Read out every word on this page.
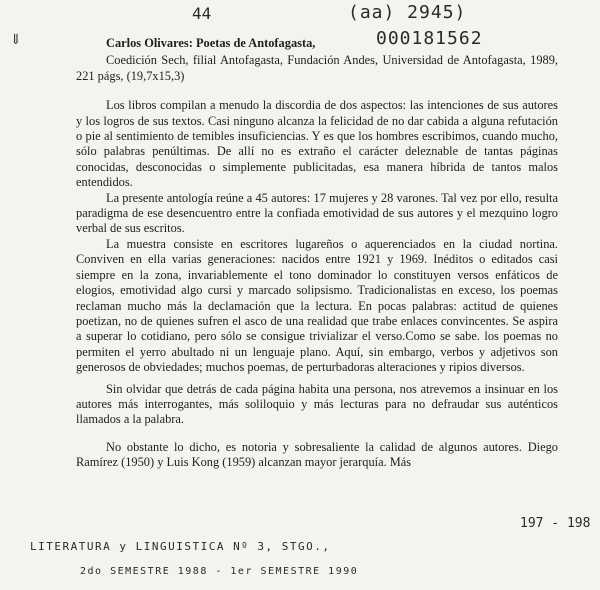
44	(aa) 2945)
000181562
⇓	Carlos Olivares: Poetas de Antofagasta,
Coedición Sech, filial Antofagasta, Fundación Andes, Universidad de Antofagasta, 1989, 221 págs, (19,7x15,3)

Los libros compilan a menudo la discordia de dos aspectos: las intenciones de sus autores y los logros de sus textos. Casi ninguno alcanza la felicidad de no dar cabida a alguna refutación o pie al sentimiento de temibles insuficiencias. Y es que los hombres escribimos, cuando mucho, sólo palabras penúltimas. De allí no es extraño el carácter deleznable de tantas páginas conocidas, desconocidas o simplemente publicitadas, esa manera híbrida de tantos malos entendidos.

La presente antología reúne a 45 autores: 17 mujeres y 28 varones. Tal vez por ello, resulta paradigma de ese desencuentro entre la confiada emotividad de sus autores y el mezquino logro verbal de sus escritos.

La muestra consiste en escritores lugareños o aquerenciados en la ciudad nortina. Conviven en ella varias generaciones: nacidos entre 1921 y 1969. Inéditos o editados casi siempre en la zona, invariablemente el tono dominador lo constituyen versos enfáticos de elogios, emotividad algo cursi y marcado solipsismo. Tradicionalistas en exceso, los poemas reclaman mucho más la declamación que la lectura. En pocas palabras: actitud de quienes poetizan, no de quienes sufren el asco de una realidad que trabe enlaces convincentes. Se aspira a superar lo cotidiano, pero sólo se consigue trivializar el verso.Como se sabe. los poemas no permiten el yerro abultado ni un lenguaje plano. Aquí, sin embargo, verbos y adjetivos son generosos de obviedades; muchos poemas, de perturbadoras alteraciones y ripios diversos.

Sin olvidar que detrás de cada página habita una persona, nos atrevemos a insinuar en los autores más interrogantes, más soliloquio y más lecturas para no defraudar sus auténticos llamados a la palabra.

No obstante lo dicho, es notoria y sobresaliente la calidad de algunos autores. Diego Ramírez (1950) y Luis Kong (1959) alcanzan mayor jerarquía. Más

197 - 198
LITERATURA y LINGUISTICA Nº 3, STGO.,
2do SEMESTRE 1988 - 1er SEMESTRE 1990
